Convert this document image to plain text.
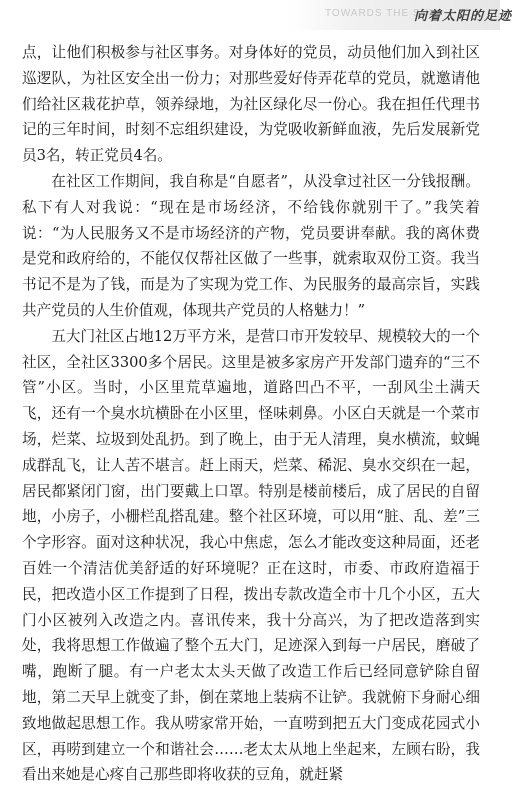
TOWARDS THE SUN
向着太阳的足迹

点，让他们积极参与社区事务。对身体好的党员，动员他们加入到社区巡逻队，为社区安全出一份力；对那些爱好侍弄花草的党员，就邀请他们给社区栽花护草，领养绿地，为社区绿化尽一份心。我在担任代理书记的三年时间，时刻不忘组织建设，为党吸收新鲜血液，先后发展新党员3名，转正党员4名。

在社区工作期间，我自称是“自愿者”，从没拿过社区一分钱报酬。私下有人对我说：“现在是市场经济，不给钱你就别干了。”我笑着说：“为人民服务又不是市场经济的产物，党员要讲奉献。我的离休费是党和政府给的，不能仅仅帮社区做了一些事，就索取双份工资。我当书记不是为了钱，而是为了实现为党工作、为民服务的最高宗旨，实践共产党员的人生价值观，体现共产党员的人格魅力！”

五大门社区占地12万平方米，是营口市开发较早、规模较大的一个社区，全社区3300多个居民。这里是被多家房产开发部门遗弃的“三不管”小区。当时，小区里荒草遍地，道路凹凸不平，一刮风尘土满天飞，还有一个臭水坑横卧在小区里，怪味刺鼻。小区白天就是一个菜市场，烂菜、垃圾到处乱扔。到了晚上，由于无人清理，臭水横流，蚊蝇成群乱飞，让人苦不堪言。赶上雨天，烂菜、稀泥、臭水交织在一起，居民都紧闭门窗，出门要戴上口罩。特别是楼前楼后，成了居民的自留地，小房子，小栅栏乱搭乱建。整个社区环境，可以用“脏、乱、差”三个字形容。面对这种状况，我心中焦虑，怎么才能改变这种局面，还老百姓一个清洁优美舒适的好环境呢？正在这时，市委、市政府造福于民，把改造小区工作提到了日程，拨出专款改造全市十几个小区，五大门小区被列入改造之内。喜讯传来，我十分高兴，为了把改造落到实处，我将思想工作做遍了整个五大门，足迹深入到每一户居民，磨破了嘴，跑断了腿。有一户老太太头天做了改造工作后已经同意铲除自留地，第二天早上就变了卦，倒在菜地上装病不让铲。我就俯下身耐心细致地做起思想工作。我从唠家常开始，一直唠到把五大门变成花园式小区，再唠到建立一个和谐社会……老太太从地上坐起来，左顾右盼，我看出来她是心疼自己那些即将收获的豆角，就赶紧
